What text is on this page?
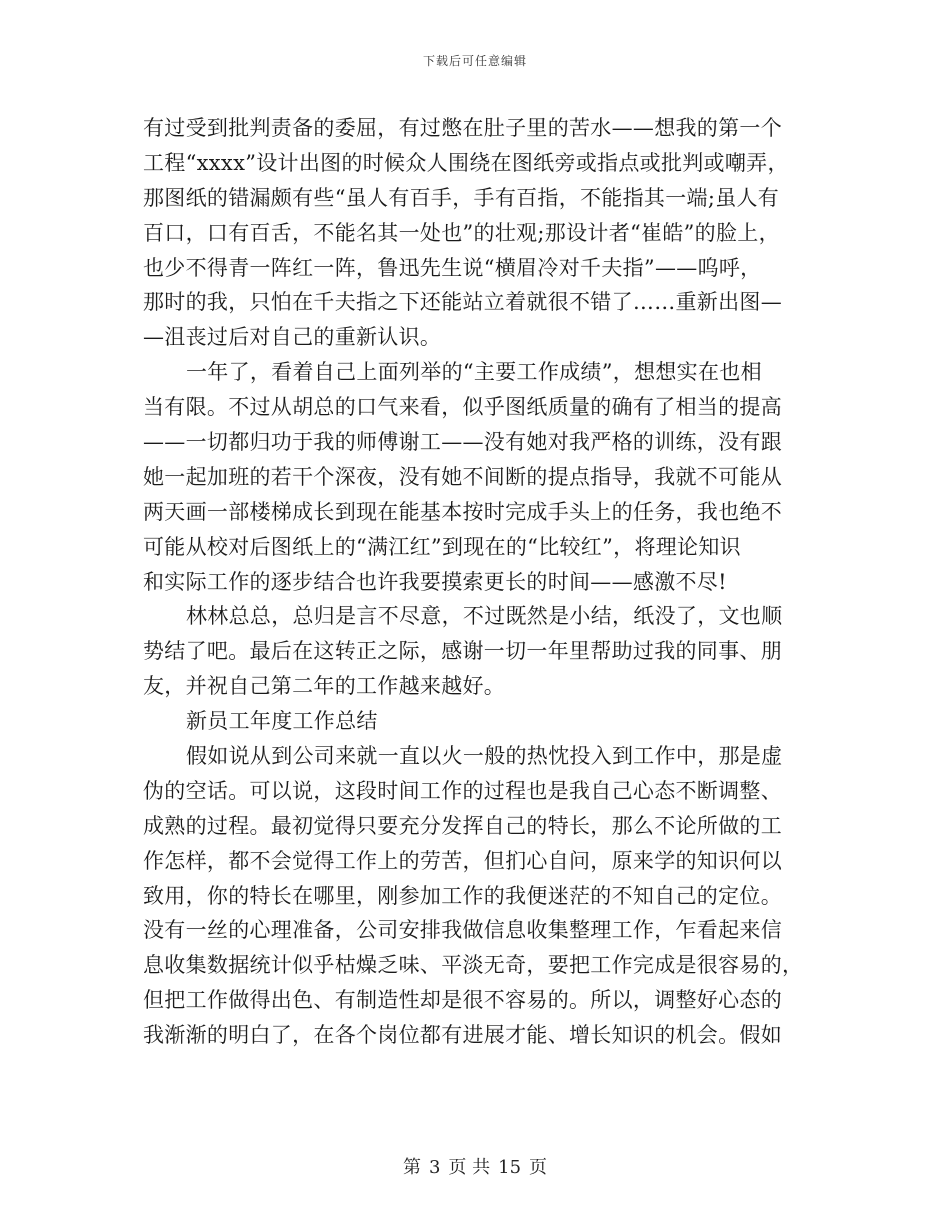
下载后可任意编辑
有过受到批判责备的委屈，有过憋在肚子里的苦水——想我的第一个
工程“xxxx”设计出图的时候众人围绕在图纸旁或指点或批判或嘲弄，
那图纸的错漏颇有些“虽人有百手，手有百指，不能指其一端;虽人有
百口，口有百舌，不能名其一处也”的壮观;那设计者“崔皓”的脸上，
也少不得青一阵红一阵，鲁迅先生说“横眉冷对千夫指”——呜呼，
那时的我，只怕在千夫指之下还能站立着就很不错了……重新出图—
—沮丧过后对自己的重新认识。
一年了，看着自己上面列举的“主要工作成绩”，想想实在也相
当有限。不过从胡总的口气来看，似乎图纸质量的确有了相当的提高
——一切都归功于我的师傅谢工——没有她对我严格的训练，没有跟
她一起加班的若干个深夜，没有她不间断的提点指导，我就不可能从
两天画一部楼梯成长到现在能基本按时完成手头上的任务，我也绝不
可能从校对后图纸上的“满江红”到现在的“比较红”，将理论知识
和实际工作的逐步结合也许我要摸索更长的时间——感激不尽!
林林总总，总归是言不尽意，不过既然是小结，纸没了，文也顺
势结了吧。最后在这转正之际，感谢一切一年里帮助过我的同事、朋
友，并祝自己第二年的工作越来越好。
新员工年度工作总结
假如说从到公司来就一直以火一般的热忱投入到工作中，那是虚
伪的空话。可以说，这段时间工作的过程也是我自己心态不断调整、
成熟的过程。最初觉得只要充分发挥自己的特长，那么不论所做的工
作怎样，都不会觉得工作上的劳苦，但扪心自问，原来学的知识何以
致用，你的特长在哪里，刚参加工作的我便迷茫的不知自己的定位。
没有一丝的心理准备，公司安排我做信息收集整理工作，乍看起来信
息收集数据统计似乎枯燥乏味、平淡无奇，要把工作完成是很容易的，
但把工作做得出色、有制造性却是很不容易的。所以，调整好心态的
我渐渐的明白了，在各个岗位都有进展才能、增长知识的机会。假如
第 3 页 共 15 页
